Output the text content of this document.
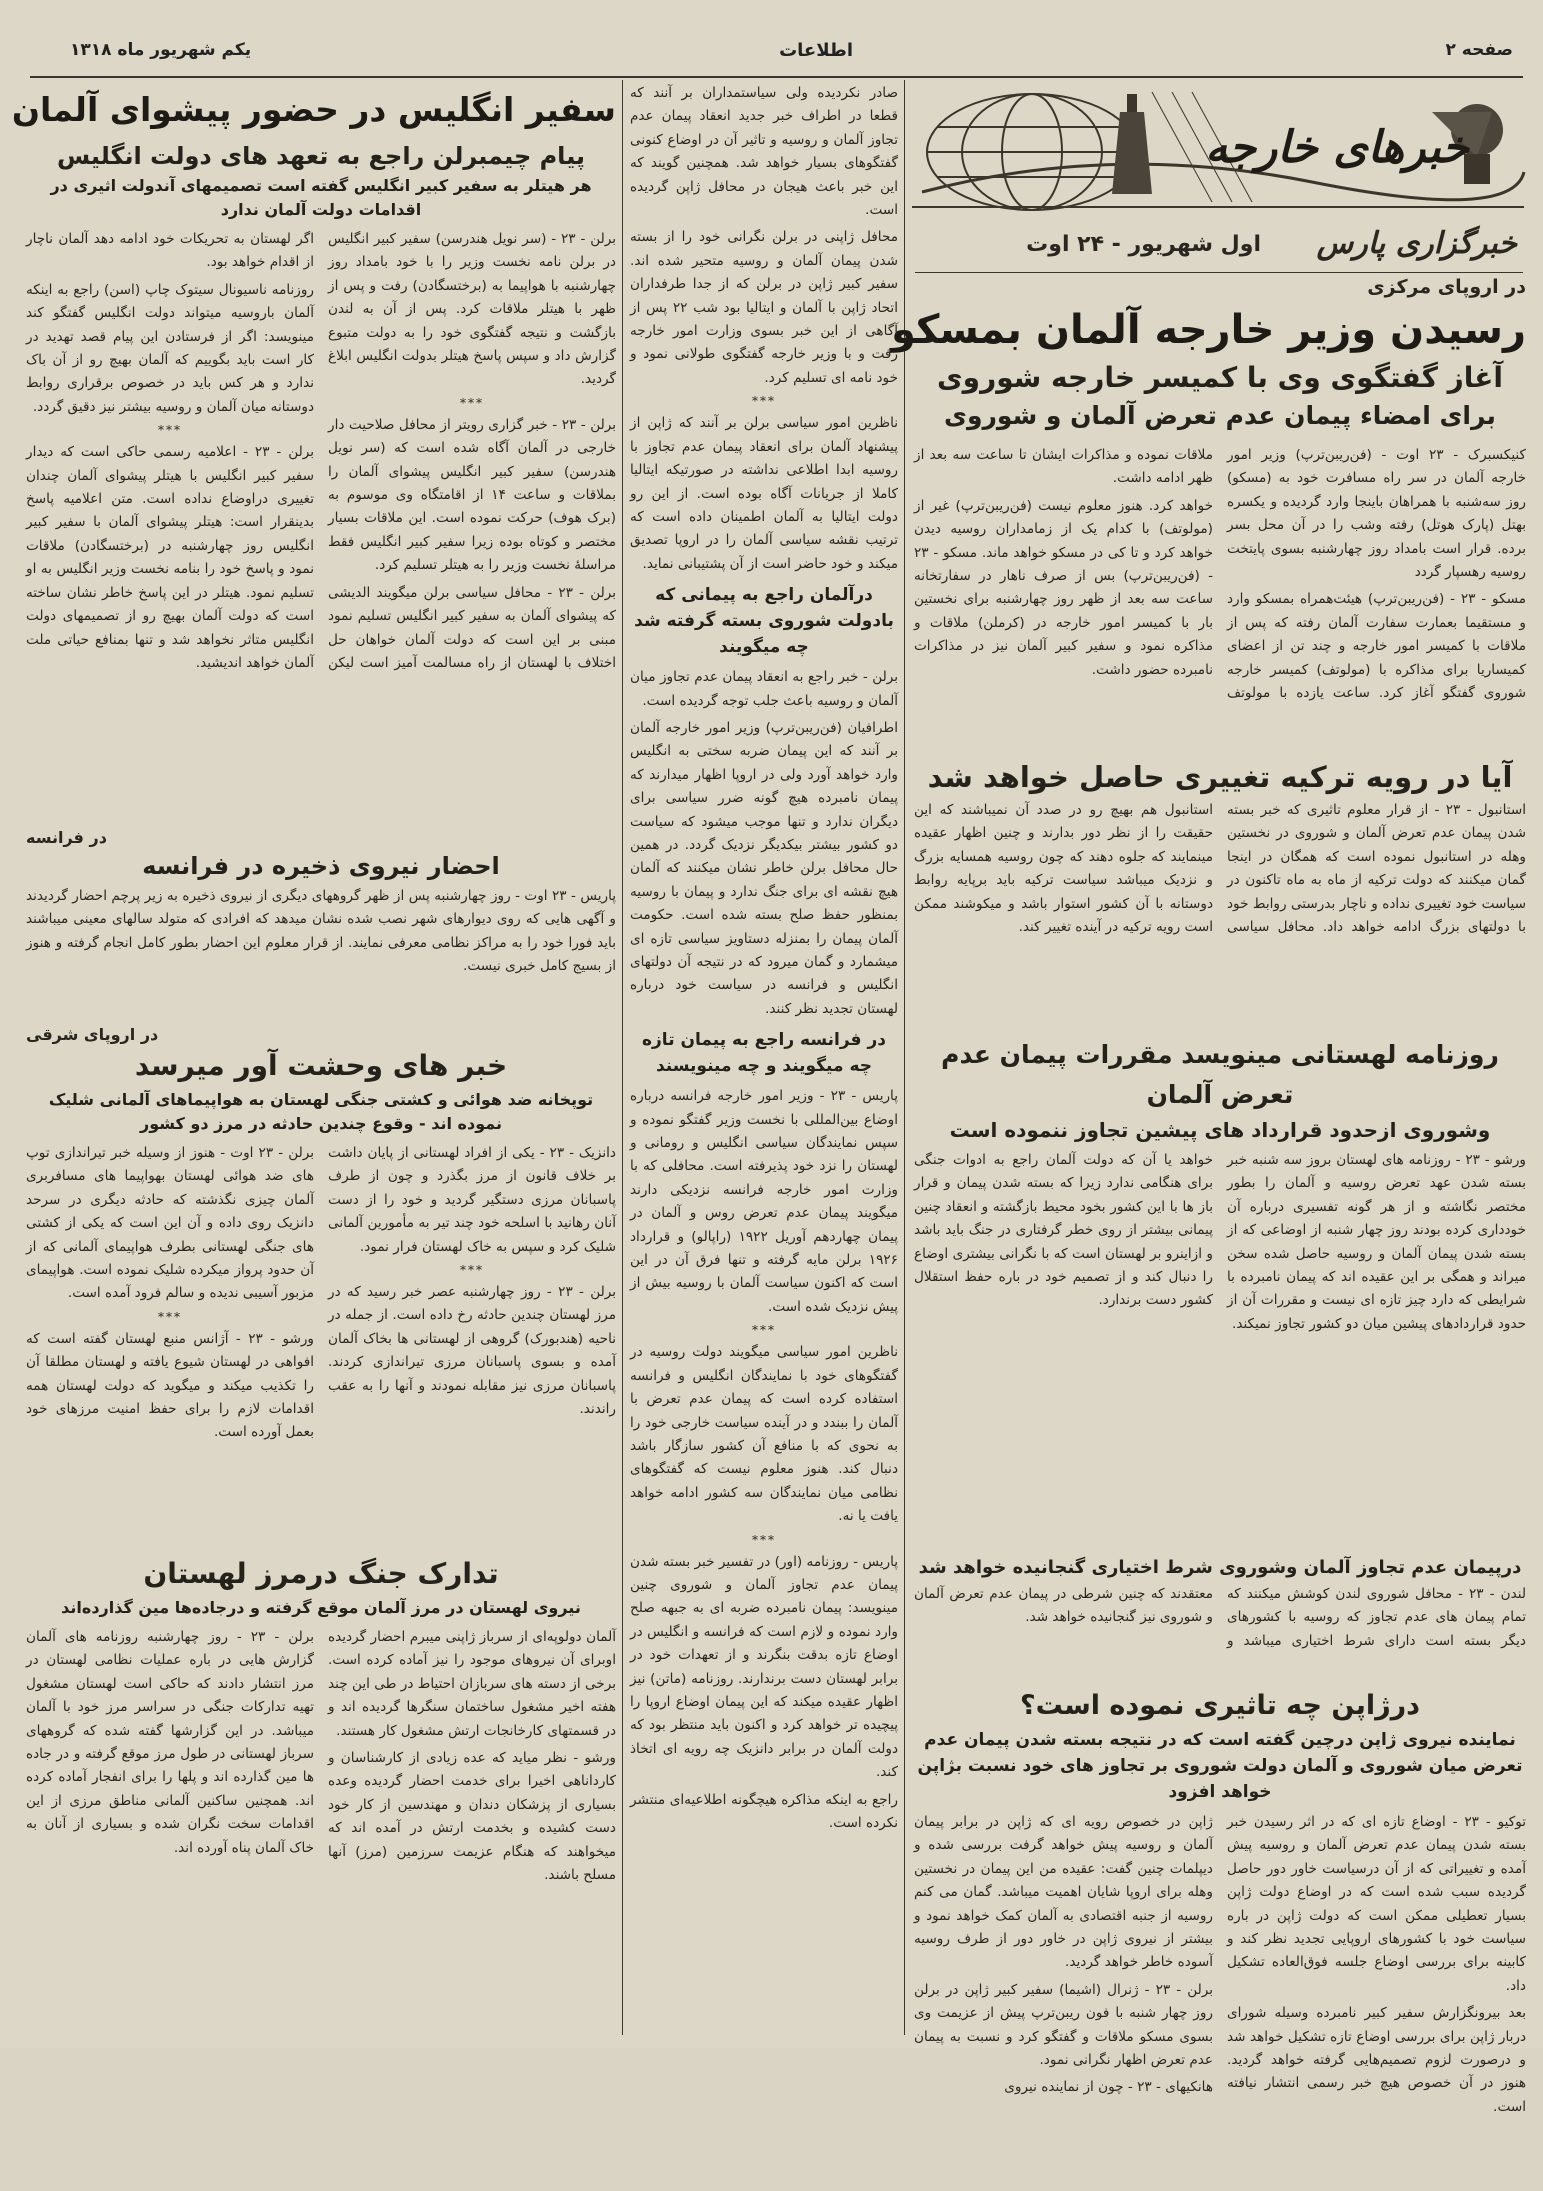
صفحه ۲
اطلاعات
یکم شهریور ماه ۱۳۱۸
خبرهای خارجه
خبرگزاری پارس
اول شهریور - ۲۴ اوت
در اروپای مرکزی
رسیدن وزیر خارجه آلمان بمسکو
آغاز گفتگوی وی با کمیسر خارجه شوروی
برای امضاء پیمان عدم تعرض آلمان و شوروی

کنیکسبرک - ۲۳ اوت - (فن‌ریبن‌ترپ) وزیر امور خارجه آلمان در سر راه مسافرت خود به (مسکو) روز سه‌شنبه با همراهان باینجا وارد گردیده و یکسره بهتل (پارک هوتل) رفته وشب را در آن محل بسر برده. قرار است بامداد روز چهارشنبه بسوی پایتخت روسیه رهسپار گردد

مسکو - ۲۳ - (فن‌ریبن‌ترپ) هیئت‌همراه بمسکو وارد و مستقیما بعمارت سفارت آلمان رفته که پس از ملاقات با کمیسر امور خارجه و چند تن از اعضای کمیساریا برای مذاکره با (مولوتف) کمیسر خارجه شوروی گفتگو آغاز کرد. ساعت یازده با مولوتف ملاقات نموده و مذاکرات ایشان تا ساعت سه بعد از ظهر ادامه داشت.

خواهد کرد. هنوز معلوم نیست (فن‌ریبن‌ترپ) غیر از (مولوتف) با کدام یک از زمامداران روسیه دیدن خواهد کرد و تا کی در مسکو خواهد ماند. مسکو - ۲۳ - (فن‌ریبن‌ترپ) بس از صرف ناهار در سفارتخانه ساعت سه بعد از ظهر روز چهارشنبه برای نخستین بار با کمیسر امور خارجه در (کرملن) ملاقات و مذاکره نمود و سفیر کبیر آلمان نیز در مذاکرات نامبرده حضور داشت.

آیا در رویه ترکیه تغییری حاصل خواهد شد

استانبول - ۲۳ - از قرار معلوم تاثیری که خبر بسته شدن پیمان عدم تعرض آلمان و شوروی در نخستین وهله در استانبول نموده است که همگان در اینجا گمان میکنند که دولت ترکیه از ماه به ماه تاکنون در سیاست خود تغییری نداده و ناچار بدرستی روابط خود با دولتهای بزرگ ادامه خواهد داد. محافل سیاسی استانبول هم بهیچ رو در صدد آن نمیباشند که این حقیقت را از نظر دور بدارند و چنین اظهار عقیده مینمایند که جلوه دهند که چون روسیه همسایه بزرگ و نزدیک میباشد سیاست ترکیه باید برپایه روابط دوستانه با آن کشور استوار باشد و میکوشند ممکن است رویه ترکیه در آینده تغییر کند.

روزنامه لهستانی مینویسد مقررات پیمان عدم تعرض آلمان
وشوروی ازحدود قرارداد های پیشین تجاوز ننموده است

ورشو - ۲۳ - روزنامه های لهستان بروز سه شنبه خبر بسته شدن عهد تعرض روسیه و آلمان را بطور مختصر نگاشته و از هر گونه تفسیری درباره آن خودداری کرده بودند روز چهار شنبه از اوضاعی که از بسته شدن پیمان آلمان و روسیه حاصل شده سخن میراند و همگی بر این عقیده اند که پیمان نامبرده با شرایطی که دارد چیز تازه ای نیست و مقررات آن از حدود قراردادهای پیشین میان دو کشور تجاوز نمیکند.

خواهد یا آن که دولت آلمان راجع به ادوات جنگی برای هنگامی ندارد زیرا که بسته شدن پیمان و قرار باز ها با این کشور بخود محیط بازگشته و انعقاد چنین پیمانی بیشتر از روی خطر گرفتاری در جنگ باید باشد و ازاینرو بر لهستان است که با نگرانی بیشتری اوضاع را دنبال کند و از تصمیم خود در باره حفظ استقلال کشور دست برندارد.

درپیمان عدم تجاوز آلمان وشوروی شرط اختیاری گنجانیده خواهد شد

لندن - ۲۳ - محافل شوروی لندن کوشش میکنند که تمام پیمان های عدم تجاوز که روسیه با کشورهای دیگر بسته است دارای شرط اختیاری میباشد و معتقدند که چنین شرطی در پیمان عدم تعرض آلمان و شوروی نیز گنجانیده خواهد شد.

درژاپن چه تاثیری نموده است؟
نماینده نیروی ژاپن درچین گفته است که در نتیجه بسته شدن پیمان عدم تعرض میان شوروی و آلمان دولت شوروی بر تجاوز های خود نسبت بژاپن خواهد افزود

توکیو - ۲۳ - اوضاع تازه ای که در اثر رسیدن خبر بسته شدن پیمان عدم تعرض آلمان و روسیه پیش آمده و تغییراتی که از آن درسیاست خاور دور حاصل گردیده سبب شده است که در اوضاع دولت ژاپن بسیار تعطیلی ممکن است که دولت ژاپن در باره سیاست خود با کشورهای اروپایی تجدید نظر کند و کابینه برای بررسی اوضاع جلسه فوق‌العاده تشکیل داد.

بعد بیرونگزارش سفیر کبیر نامبرده وسیله شورای دربار ژاپن برای بررسی اوضاع تازه تشکیل خواهد شد و درصورت لزوم تصمیم‌هایی گرفته خواهد گردید. هنوز در آن خصوص هیچ خبر رسمی انتشار نیافته است.

ژاپن در خصوص رویه ای که ژاپن در برابر پیمان آلمان و روسیه پیش خواهد گرفت بررسی شده و دیپلمات چنین گفت: عقیده من این پیمان در نخستین وهله برای اروپا شایان اهمیت میباشد. گمان می کنم روسیه از جنبه اقتصادی به آلمان کمک خواهد نمود و بیشتر از نیروی ژاپن در خاور دور از طرف روسیه آسوده خاطر خواهد گردید.

برلن - ۲۳ - ژنرال (اشیما) سفیر کبیر ژاپن در برلن روز چهار شنبه با فون ریبن‌ترپ پیش از عزیمت وی بسوی مسکو ملاقات و گفتگو کرد و نسبت به پیمان عدم تعرض اظهار نگرانی نمود.

هانکیهای - ۲۳ - چون از نماینده نیروی

صادر نکردیده ولی سیاستمداران بر آنند که قطعا در اطراف خبر جدید انعقاد پیمان عدم تجاوز آلمان و روسیه و تاثیر آن در اوضاع کنونی گفتگوهای بسیار خواهد شد. همچنین گویند که این خبر باعث هیجان در محافل ژاپن گردیده است.

محافل ژاپنی در برلن نگرانی خود را از بسته شدن پیمان آلمان و روسیه متحیر شده اند. سفیر کبیر ژاپن در برلن که از جدا طرفداران اتحاد ژاپن با آلمان و ایتالیا بود شب ۲۲ پس از آگاهی از این خبر بسوی وزارت امور خارجه رفت و با وزیر خارجه گفتگوی طولانی نمود و خود نامه ای تسلیم کرد.

***

ناظرین امور سیاسی برلن بر آنند که ژاپن از پیشنهاد آلمان برای انعقاد پیمان عدم تجاوز با روسیه ابدا اطلاعی نداشته در صورتیکه ایتالیا کاملا از جریانات آگاه بوده است. از این رو دولت ایتالیا به آلمان اطمینان داده است که ترتیب نقشه سیاسی آلمان را در اروپا تصدیق میکند و خود حاضر است از آن پشتیبانی نماید.

درآلمان راجع به پیمانی که بادولت شوروی بسته گرفته شد چه میگویند

برلن - خبر راجع به انعقاد پیمان عدم تجاوز میان آلمان و روسیه باعث جلب توجه گردیده است.

اطرافیان (فن‌ریبن‌ترپ) وزیر امور خارجه آلمان بر آنند که این پیمان ضربه سختی به انگلیس وارد خواهد آورد ولی در اروپا اظهار میدارند که پیمان نامبرده هیچ گونه ضرر سیاسی برای دیگران ندارد و تنها موجب میشود که سیاست دو کشور بیشتر بیکدیگر نزدیک گردد. در همین حال محافل برلن خاطر نشان میکنند که آلمان هیچ نقشه ای برای جنگ ندارد و پیمان با روسیه بمنظور حفظ صلح بسته شده است. حکومت آلمان پیمان را بمنزله دستاویز سیاسی تازه ای میشمارد و گمان میرود که در نتیجه آن دولتهای انگلیس و فرانسه در سیاست خود درباره لهستان تجدید نظر کنند.

در فرانسه راجع به پیمان تازه چه میگویند و چه مینویسند

پاریس - ۲۳ - وزیر امور خارجه فرانسه درباره اوضاع بین‌المللی با نخست وزیر گفتگو نموده و سپس نمایندگان سیاسی انگلیس و رومانی و لهستان را نزد خود پذیرفته است. محافلی که با وزارت امور خارجه فرانسه نزدیکی دارند میگویند پیمان عدم تعرض روس و آلمان در پیمان چهاردهم آوریل ۱۹۲۲ (راپالو) و قرارداد ۱۹۲۶ برلن مایه گرفته و تنها فرق آن در این است که اکنون سیاست آلمان با روسیه بیش از پیش نزدیک شده است.

***

ناظرین امور سیاسی میگویند دولت روسیه در گفتگوهای خود با نمایندگان انگلیس و فرانسه استفاده کرده است که پیمان عدم تعرض با آلمان را ببندد و در آینده سیاست خارجی خود را به نحوی که با منافع آن کشور سازگار باشد دنبال کند. هنوز معلوم نیست که گفتگوهای نظامی میان نمایندگان سه کشور ادامه خواهد یافت یا نه.

***

پاریس - روزنامه (اور) در تفسیر خبر بسته شدن پیمان عدم تجاوز آلمان و شوروی چنین مینویسد: پیمان نامبرده ضربه ای به جبهه صلح وارد نموده و لازم است که فرانسه و انگلیس در اوضاع تازه بدقت بنگرند و از تعهدات خود در برابر لهستان دست برندارند. روزنامه (ماتن) نیز اظهار عقیده میکند که این پیمان اوضاع اروپا را پیچیده تر خواهد کرد و اکنون باید منتظر بود که دولت آلمان در برابر دانزیک چه رویه ای اتخاذ کند.

راجع به اینکه مذاکره هیچگونه اطلاعیه‌ای منتشر نکرده است.

سفیر انگلیس در حضور پیشوای آلمان
پیام چیمبرلن راجع به تعهد های دولت انگلیس
هر هیتلر به سفیر کبیر انگلیس گفته است تصمیمهای آندولت اثیری در اقدامات دولت آلمان ندارد

برلن - ۲۳ - (سر نویل هندرسن) سفیر کبیر انگلیس در برلن نامه نخست وزیر را با خود بامداد روز چهارشنبه با هواپیما به (برختسگادن) رفت و پس از ظهر با هیتلر ملاقات کرد. پس از آن به لندن بازگشت و نتیجه گفتگوی خود را به دولت متبوع گزارش داد و سپس پاسخ هیتلر بدولت انگلیس ابلاغ گردید.

***

برلن - ۲۳ - خبر گزاری رویتر از محافل صلاحیت دار خارجی در آلمان آگاه شده است که (سر نویل هندرسن) سفیر کبیر انگلیس پیشوای آلمان را بملاقات و ساعت ۱۴ از اقامتگاه وی موسوم به (برک هوف) حرکت نموده است. این ملاقات بسیار مختصر و کوتاه بوده زیرا سفیر کبیر انگلیس فقط مراسلهٔ نخست وزیر را به هیتلر تسلیم کرد.

برلن - ۲۳ - محافل سیاسی برلن میگویند الدیشی که پیشوای آلمان به سفیر کبیر انگلیس تسلیم نمود مبنی بر این است که دولت آلمان خواهان حل اختلاف با لهستان از راه مسالمت آمیز است لیکن اگر لهستان به تحریکات خود ادامه دهد آلمان ناچار از اقدام خواهد بود.

روزنامه ناسیونال سیتوک چاپ (اسن) راجع به اینکه آلمان باروسیه میتواند دولت انگلیس گفتگو کند مینویسد: اگر از فرستادن این پیام قصد تهدید در کار است باید بگوییم که آلمان بهیچ رو از آن باک ندارد و هر کس باید در خصوص برقراری روابط دوستانه میان آلمان و روسیه بیشتر نیز دقیق گردد.

***

برلن - ۲۳ - اعلامیه رسمی حاکی است که دیدار سفیر کبیر انگلیس با هیتلر پیشوای آلمان چندان تغییری دراوضاع نداده است. متن اعلامیه پاسخ بدینقرار است: هیتلر پیشوای آلمان با سفیر کبیر انگلیس روز چهارشنبه در (برختسگادن) ملاقات نمود و پاسخ خود را بنامه نخست وزیر انگلیس به او تسلیم نمود. هیتلر در این پاسخ خاطر نشان ساخته است که دولت آلمان بهیچ رو از تصمیمهای دولت انگلیس متاثر نخواهد شد و تنها بمنافع حیاتی ملت آلمان خواهد اندیشید.

در فرانسه
احضار نیروی ذخیره در فرانسه

پاریس - ۲۳ اوت - روز چهارشنبه پس از ظهر گروههای دیگری از نیروی ذخیره به زیر پرچم احضار گردیدند و آگهی هایی که روی دیوارهای شهر نصب شده نشان میدهد که افرادی که متولد سالهای معینی میباشند باید فورا خود را به مراکز نظامی معرفی نمایند. از قرار معلوم این احضار بطور کامل انجام گرفته و هنوز از بسیج کامل خبری نیست.

در اروپای شرقی
خبر های وحشت آور میرسد
توپخانه ضد هوائی و کشتی جنگی لهستان به هواپیماهای آلمانی شلیک نموده اند - وقوع چندین حادثه در مرز دو کشور

دانزیک - ۲۳ - یکی از افراد لهستانی از پایان داشت بر خلاف قانون از مرز بگذرد و چون از طرف پاسبانان مرزی دستگیر گردید و خود را از دست آنان رهانید با اسلحه خود چند تیر به مأمورین آلمانی شلیک کرد و سپس به خاک لهستان فرار نمود.

***

برلن - ۲۳ - روز چهارشنبه عصر خبر رسید که در مرز لهستان چندین حادثه رخ داده است. از جمله در ناحیه (هندبورک) گروهی از لهستانی ها بخاک آلمان آمده و بسوی پاسبانان مرزی تیراندازی کردند. پاسبانان مرزی نیز مقابله نمودند و آنها را به عقب راندند.

برلن - ۲۳ اوت - هنوز از وسیله خبر تیراندازی توپ های ضد هوائی لهستان بهواپیما های مسافربری آلمان چیزی نگذشته که حادثه دیگری در سرحد دانزیک روی داده و آن این است که یکی از کشتی های جنگی لهستانی بطرف هواپیمای آلمانی که از آن حدود پرواز میکرده شلیک نموده است. هواپیمای مزبور آسیبی ندیده و سالم فرود آمده است.

***

ورشو - ۲۳ - آژانس منبع لهستان گفته است که افواهی در لهستان شیوع یافته و لهستان مطلقا آن را تکذیب میکند و میگوید که دولت لهستان همه اقدامات لازم را برای حفظ امنیت مرزهای خود بعمل آورده است.

تدارک جنگ درمرز لهستان
نیروی لهستان در مرز آلمان موقع گرفته و درجاده‌ها مین گذارده‌اند

آلمان دولوپه‌ای از سرباز ژاپنی میبرم احضار گردیده اوبرای آن نیروهای موجود را نیز آماده کرده است. برخی از دسته های سربازان احتیاط در طی این چند هفته اخیر مشغول ساختمان سنگرها گردیده اند و در قسمتهای کارخانجات ارتش مشغول کار هستند.

ورشو - نظر میاید که عده زیادی از کارشناسان و کارداناهی اخیرا برای خدمت احضار گردیده وعده بسیاری از پزشکان دندان و مهندسین از کار خود دست کشیده و بخدمت ارتش در آمده اند که میخواهند که هنگام عزیمت سرزمین (مرز) آنها مسلح باشند.

برلن - ۲۳ - روز چهارشنبه روزنامه های آلمان گزارش هایی در باره عملیات نظامی لهستان در مرز انتشار دادند که حاکی است لهستان مشغول تهیه تدارکات جنگی در سراسر مرز خود با آلمان میباشد. در این گزارشها گفته شده که گروههای سرباز لهستانی در طول مرز موقع گرفته و در جاده ها مین گذارده اند و پلها را برای انفجار آماده کرده اند. همچنین ساکنین آلمانی مناطق مرزی از این اقدامات سخت نگران شده و بسیاری از آنان به خاک آلمان پناه آورده اند.
